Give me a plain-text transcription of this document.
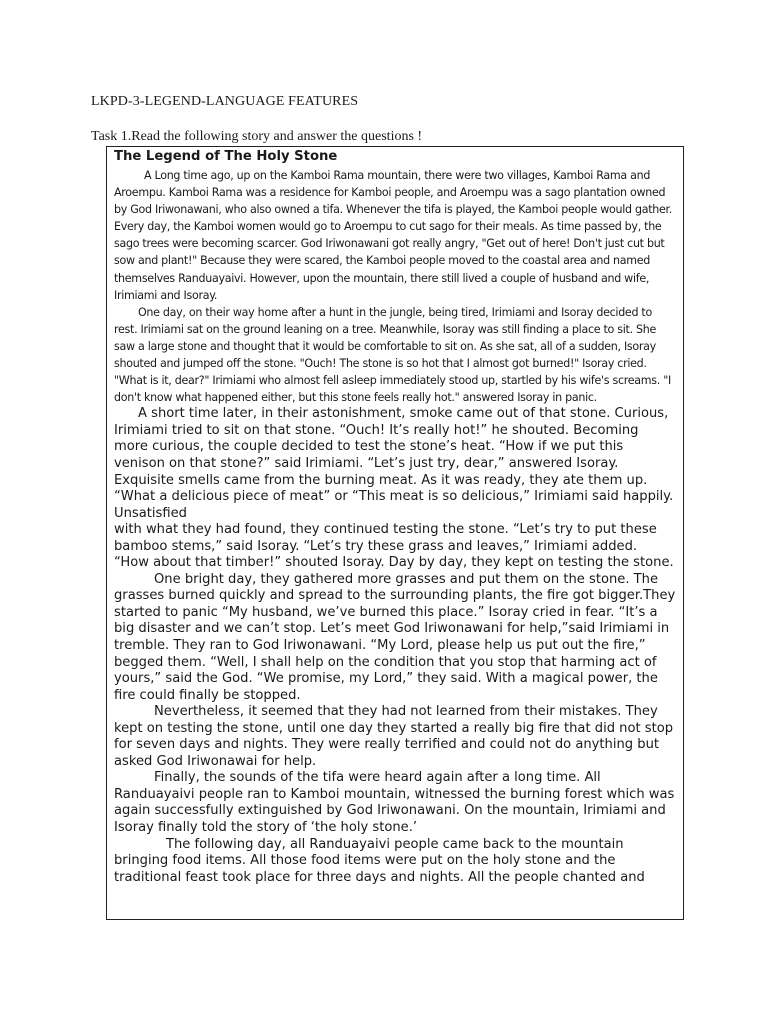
LKPD-3-LEGEND-LANGUAGE FEATURES

Task 1.Read the following story and answer the questions !

The Legend of The Holy Stone

A Long time ago, up on the Kamboi Rama mountain, there were two villages, Kamboi Rama and Aroempu. Kamboi Rama was a residence for Kamboi people, and Aroempu was a sago plantation owned by God Iriwonawani, who also owned a tifa. Whenever the tifa is played, the Kamboi people would gather. Every day, the Kamboi women would go to Aroempu to cut sago for their meals. As time passed by, the sago trees were becoming scarcer. God Iriwonawani got really angry, "Get out of here! Don't just cut but sow and plant!" Because they were scared, the Kamboi people moved to the coastal area and named themselves Randuayaivi. However, upon the mountain, there still lived a couple of husband and wife, Irimiami and Isoray.

One day, on their way home after a hunt in the jungle, being tired, Irimiami and Isoray decided to rest. Irimiami sat on the ground leaning on a tree. Meanwhile, Isoray was still finding a place to sit. She saw a large stone and thought that it would be comfortable to sit on. As she sat, all of a sudden, Isoray shouted and jumped off the stone. "Ouch! The stone is so hot that I almost got burned!" Isoray cried. "What is it, dear?" Irimiami who almost fell asleep immediately stood up, startled by his wife's screams. "I don't know what happened either, but this stone feels really hot." answered Isoray in panic.

A short time later, in their astonishment, smoke came out of that stone. Curious, Irimiami tried to sit on that stone. “Ouch! It’s really hot!” he shouted. Becoming more curious, the couple decided to test the stone’s heat. “How if we put this venison on that stone?” said Irimiami. “Let’s just try, dear,” answered Isoray. Exquisite smells came from the burning meat. As it was ready, they ate them up. “What a delicious piece of meat” or “This meat is so delicious,” Irimiami said happily. Unsatisfied

with what they had found, they continued testing the stone. “Let’s try to put these bamboo stems,” said Isoray. “Let’s try these grass and leaves,” Irimiami added. “How about that timber!” shouted Isoray. Day by day, they kept on testing the stone.

One bright day, they gathered more grasses and put them on the stone. The grasses burned quickly and spread to the surrounding plants, the fire got bigger.They started to panic “My husband, we’ve burned this place.” Isoray cried in fear. “It’s a big disaster and we can’t stop. Let’s meet God Iriwonawani for help,”said Irimiami in tremble. They ran to God Iriwonawani. “My Lord, please help us put out the fire,” begged them. “Well, I shall help on the condition that you stop that harming act of yours,” said the God. “We promise, my Lord,” they said. With a magical power, the fire could finally be stopped.

Nevertheless, it seemed that they had not learned from their mistakes. They kept on testing the stone, until one day they started a really big fire that did not stop for seven days and nights. They were really terrified and could not do anything but asked God Iriwonawai for help.

Finally, the sounds of the tifa were heard again after a long time. All Randuayaivi people ran to Kamboi mountain, witnessed the burning forest which was again successfully extinguished by God Iriwonawani. On the mountain, Irimiami and Isoray finally told the story of ‘the holy stone.’

The following day, all Randuayaivi people came back to the mountain bringing food items. All those food items were put on the holy stone and the traditional feast took place for three days and nights. All the people chanted and
